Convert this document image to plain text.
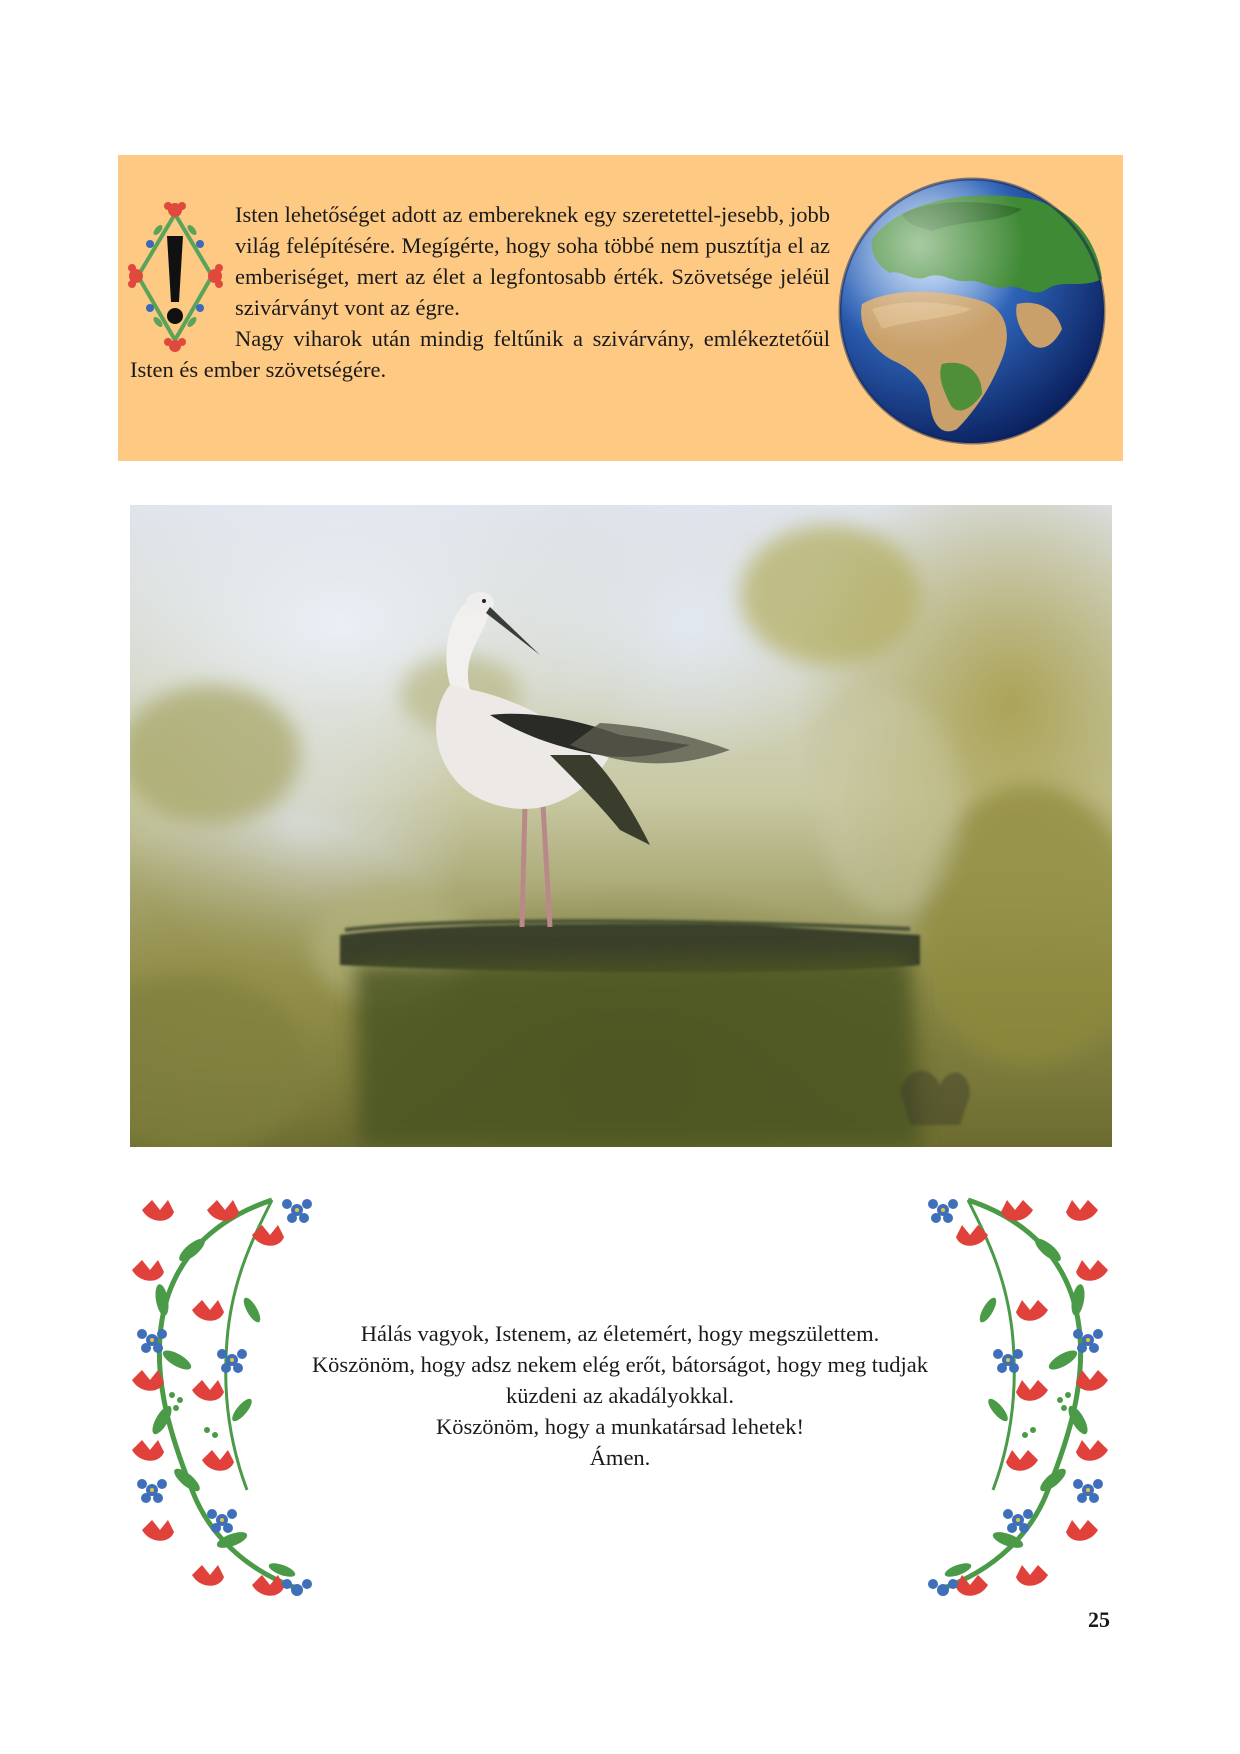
Isten lehetőséget adott az embereknek egy szeretettel-jesebb, jobb világ felépítésére. Megígérte, hogy soha többé nem pusztítja el az emberiséget, mert az élet a legfontosabb érték. Szövetsége jeléül szivárványt vont az égre.

Nagy viharok után mindig feltűnik a szivárvány, emlékeztetőül Isten és ember szövetségére.

Hálás vagyok, Istenem, az életemért, hogy megszülettem.
Köszönöm, hogy adsz nekem elég erőt, bátorságot, hogy meg tudjak
küzdeni az akadályokkal.
Köszönöm, hogy a munkatársad lehetek!
Ámen.
25
